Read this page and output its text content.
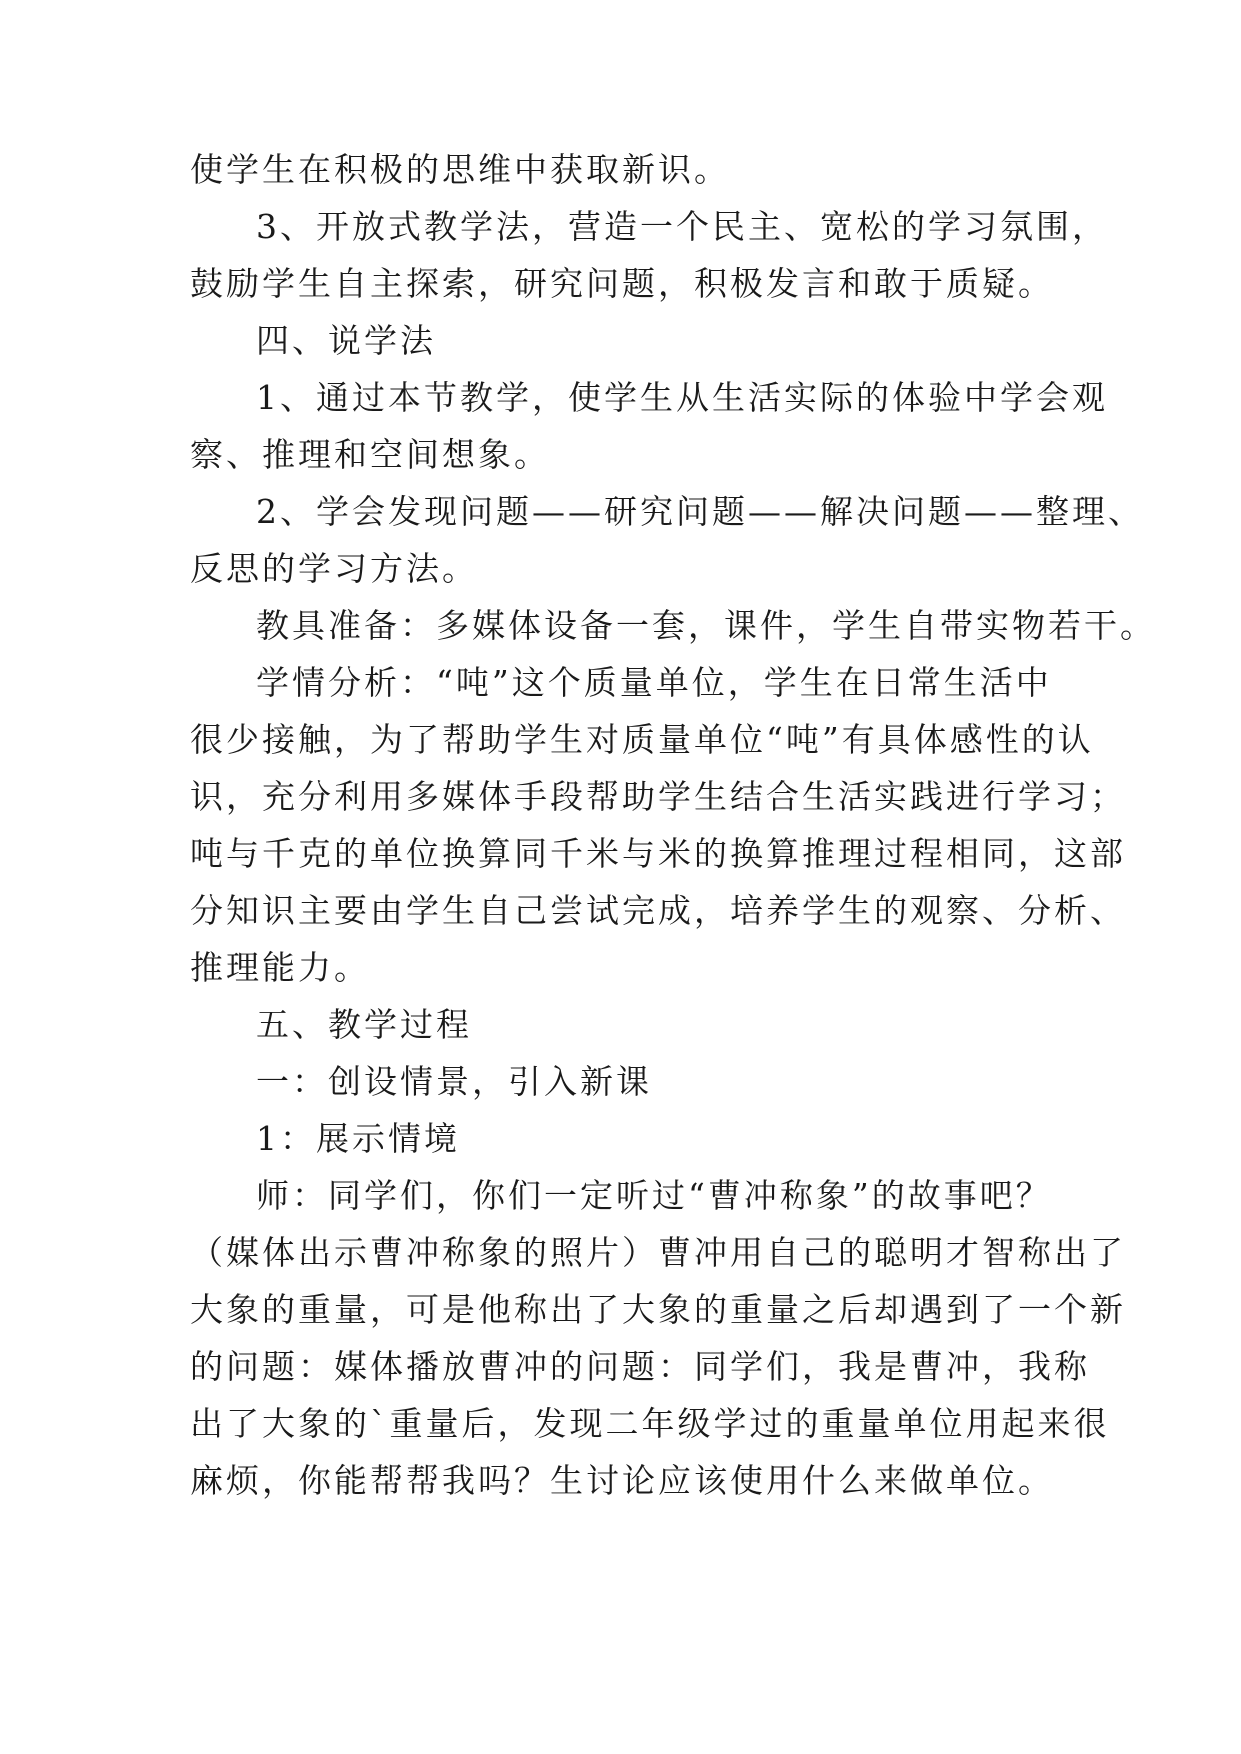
使学生在积极的思维中获取新识。
3、开放式教学法，营造一个民主、宽松的学习氛围，
鼓励学生自主探索，研究问题，积极发言和敢于质疑。
四、说学法
1、通过本节教学，使学生从生活实际的体验中学会观
察、推理和空间想象。
2、学会发现问题——研究问题——解决问题——整理、
反思的学习方法。
教具准备：多媒体设备一套，课件，学生自带实物若干。
学情分析：“吨”这个质量单位，学生在日常生活中
很少接触，为了帮助学生对质量单位“吨”有具体感性的认
识，充分利用多媒体手段帮助学生结合生活实践进行学习；
吨与千克的单位换算同千米与米的换算推理过程相同，这部
分知识主要由学生自己尝试完成，培养学生的观察、分析、
推理能力。
五、教学过程
一：创设情景，引入新课
1：展示情境
师：同学们，你们一定听过“曹冲称象”的故事吧？
（媒体出示曹冲称象的照片）曹冲用自己的聪明才智称出了
大象的重量，可是他称出了大象的重量之后却遇到了一个新
的问题：媒体播放曹冲的问题：同学们，我是曹冲，我称
出了大象的`重量后，发现二年级学过的重量单位用起来很
麻烦，你能帮帮我吗？生讨论应该使用什么来做单位。
